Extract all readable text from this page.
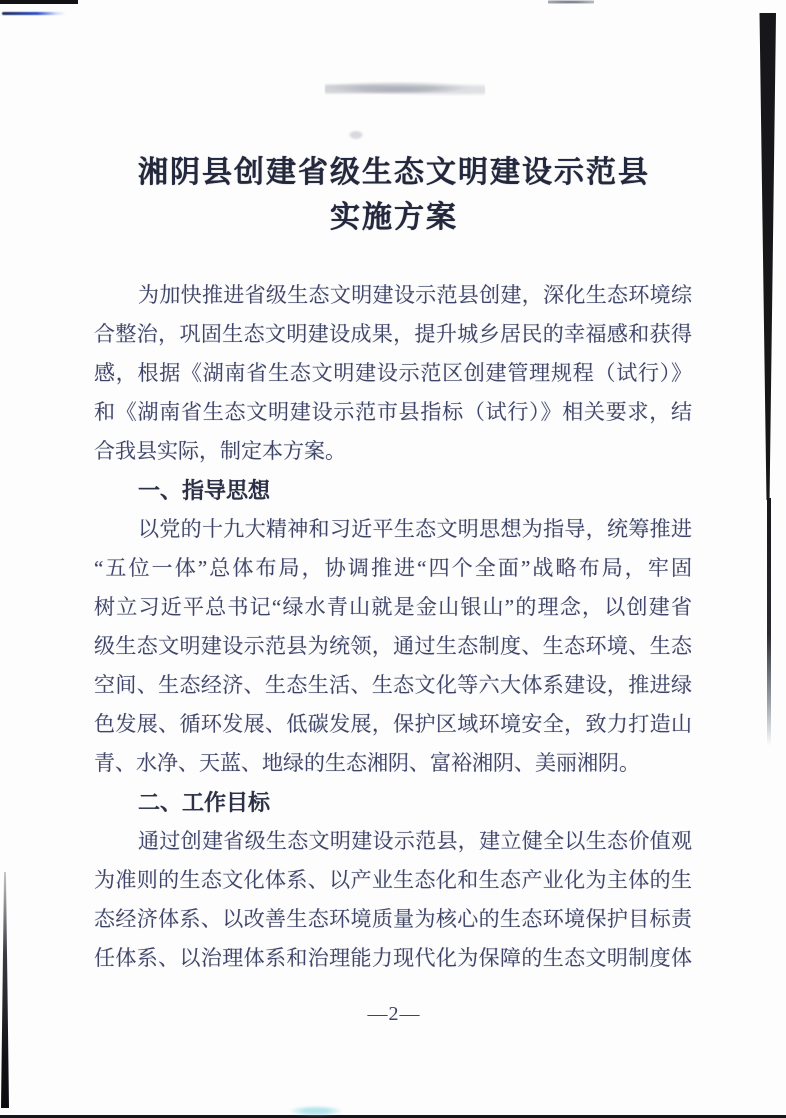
湘阴县创建省级生态文明建设示范县
实施方案
为加快推进省级生态文明建设示范县创建，深化生态环境综
合整治，巩固生态文明建设成果，提升城乡居民的幸福感和获得
感，根据《湖南省生态文明建设示范区创建管理规程（试行）》
和《湖南省生态文明建设示范市县指标（试行）》相关要求，结
合我县实际，制定本方案。
一、指导思想
以党的十九大精神和习近平生态文明思想为指导，统筹推进
“五位一体”总体布局，协调推进“四个全面”战略布局，牢固
树立习近平总书记“绿水青山就是金山银山”的理念，以创建省
级生态文明建设示范县为统领，通过生态制度、生态环境、生态
空间、生态经济、生态生活、生态文化等六大体系建设，推进绿
色发展、循环发展、低碳发展，保护区域环境安全，致力打造山
青、水净、天蓝、地绿的生态湘阴、富裕湘阴、美丽湘阴。
二、工作目标
通过创建省级生态文明建设示范县，建立健全以生态价值观
为准则的生态文化体系、以产业生态化和生态产业化为主体的生
态经济体系、以改善生态环境质量为核心的生态环境保护目标责
任体系、以治理体系和治理能力现代化为保障的生态文明制度体
—2—
